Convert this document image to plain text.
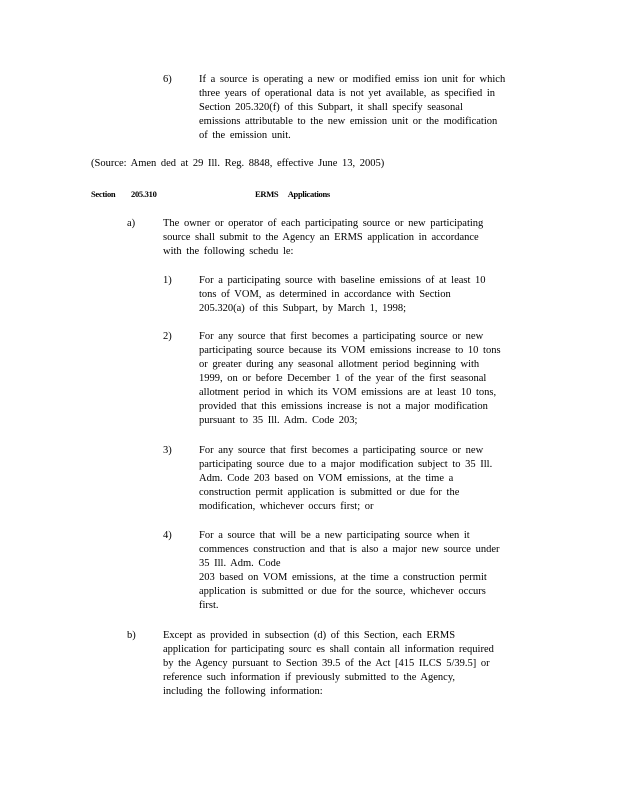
6)	If a source is operating a new or modified emiss ion unit for which
three years of operational data is not yet available, as specified in
Section 205.320(f) of this Subpart, it shall specify seasonal
emissions attributable to the new emission unit or the modification
of the emission unit.
(Source: Amen ded at 29 Ill. Reg. 8848, effective June 13, 2005)
Section 205.310	ERMS Applications
a)	The owner or operator of each participating source or new participating
source shall submit to the Agency an ERMS application in accordance
with the following schedu le:
1)	For a participating source with baseline emissions of at least 10
tons of VOM, as determined in accordance with Section
205.320(a) of this Subpart, by March 1, 1998;
2)	For any source that first becomes a participating source or new
participating source because its VOM emissions increase to 10 tons
or greater during any seasonal allotment period beginning with
1999, on or before December 1 of the year of the first seasonal
allotment period in which its VOM emissions are at least 10 tons,
provided that this emissions increase is not a major modification
pursuant to 35 Ill. Adm. Code 203;
3)	For any source that first becomes a participating source or new
participating source due to a major modification subject to 35 Ill.
Adm. Code 203 based on VOM emissions, at the time a
construction permit application is submitted or due for the
modification, whichever occurs first; or
4)	For a source that will be a new participating source when it
commences construction and that is also a major new source under
35 Ill. Adm. Code
203 based on VOM emissions, at the time a construction permit
application is submitted or due for the source, whichever occurs
first.
b)	Except as provided in subsection (d) of this Section, each ERMS
application for participating sourc es shall contain all information required
by the Agency pursuant to Section 39.5 of the Act [415 ILCS 5/39.5] or
reference such information if previously submitted to the Agency,
including the following information:
